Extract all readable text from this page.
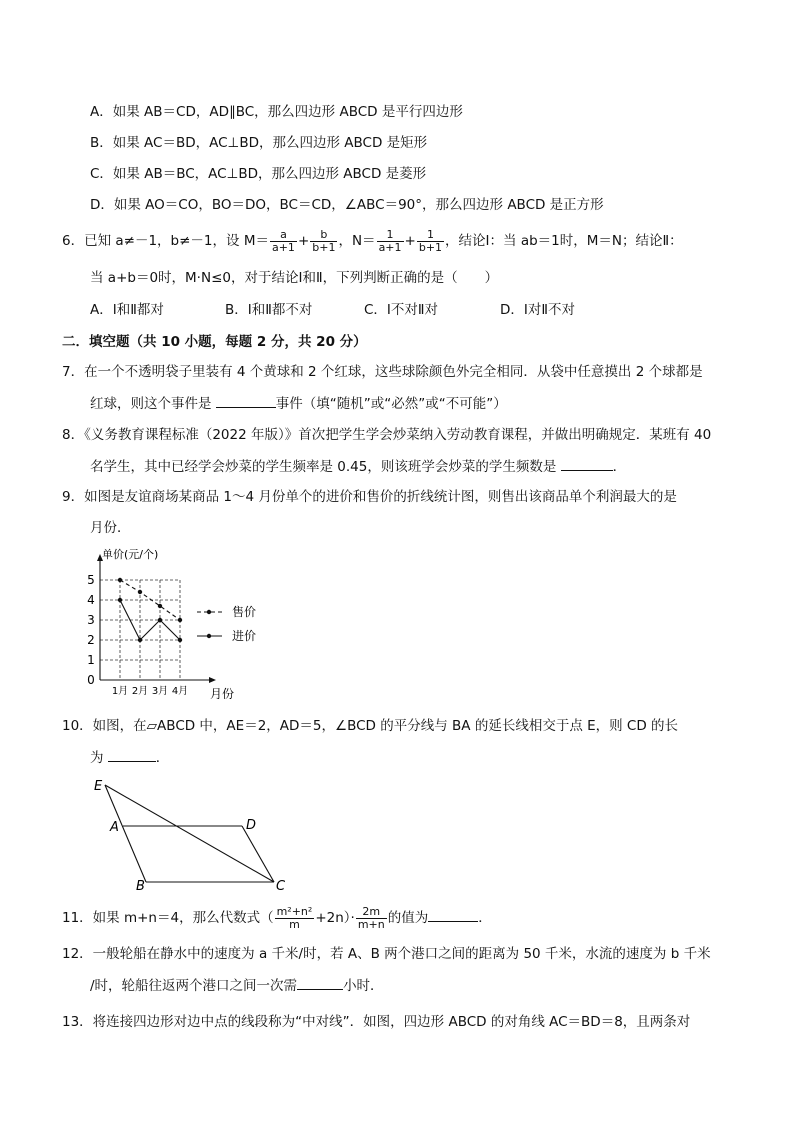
A．如果 AB＝CD，AD∥BC，那么四边形 ABCD 是平行四边形
B．如果 AC＝BD，AC⊥BD，那么四边形 ABCD 是矩形
C．如果 AB＝BC，AC⊥BD，那么四边形 ABCD 是菱形
D．如果 AO＝CO，BO＝DO，BC＝CD，∠ABC＝90°，那么四边形 ABCD 是正方形
6．已知 a≠－1，b≠－1，设 $M= \frac{a}{a+1} + \frac{b}{b+1}$ ，$N= \frac{1}{a+1} + \frac{1}{b+1}$ ，结论Ⅰ：当 ab＝1时，M＝N；结论Ⅱ：
当 a+b＝0时，M·N≤0，对于结论Ⅰ和Ⅱ，下列判断正确的是（　　）
A．Ⅰ和Ⅱ都对	B．Ⅰ和Ⅱ都不对	C．Ⅰ不对Ⅱ对	D．Ⅰ对Ⅱ不对
二．填空题（共 10 小题，每题 2 分，共 20 分）
7．在一个不透明袋子里装有 4 个黄球和 2 个红球，这些球除颜色外完全相同．从袋中任意摸出 2 个球都是
红球，则这个事件是	事件（填“随机”或“必然”或“不可能”）
8．《义务教育课程标准（2022 年版）》首次把学生学会炒菜纳入劳动教育课程，并做出明确规定．某班有 40
名学生，其中已经学会炒菜的学生频率是 0.45，则该班学会炒菜的学生频数是	．
9．如图是友谊商场某商品 1～4 月份单个的进价和售价的折线统计图，则售出该商品单个利润最大的是
月份．
0
1
2
3
4
5
1月 2月 3月 4月
单价(元/个)
月份
售价
进价
10．如图，在▱ABCD 中，AE＝2，AD＝5，∠BCD 的平分线与 BA 的延长线相交于点 E，则 CD 的长
为	．
E
A	D
B	C
11．如果 m+n＝4，那么代数式（ $\frac{\text{m²+n²}}{m} +2n)\cdot \frac{2m}{m+n}$ 的值为	．
12．一般轮船在静水中的速度为 a 千米/时，若 A、B 两个港口之间的距离为 50 千米，水流的速度为 b 千米
/时，轮船往返两个港口之间一次需	小时．
13．将连接四边形对边中点的线段称为“中对线”．如图，四边形 ABCD 的对角线 AC＝BD＝8，且两条对
